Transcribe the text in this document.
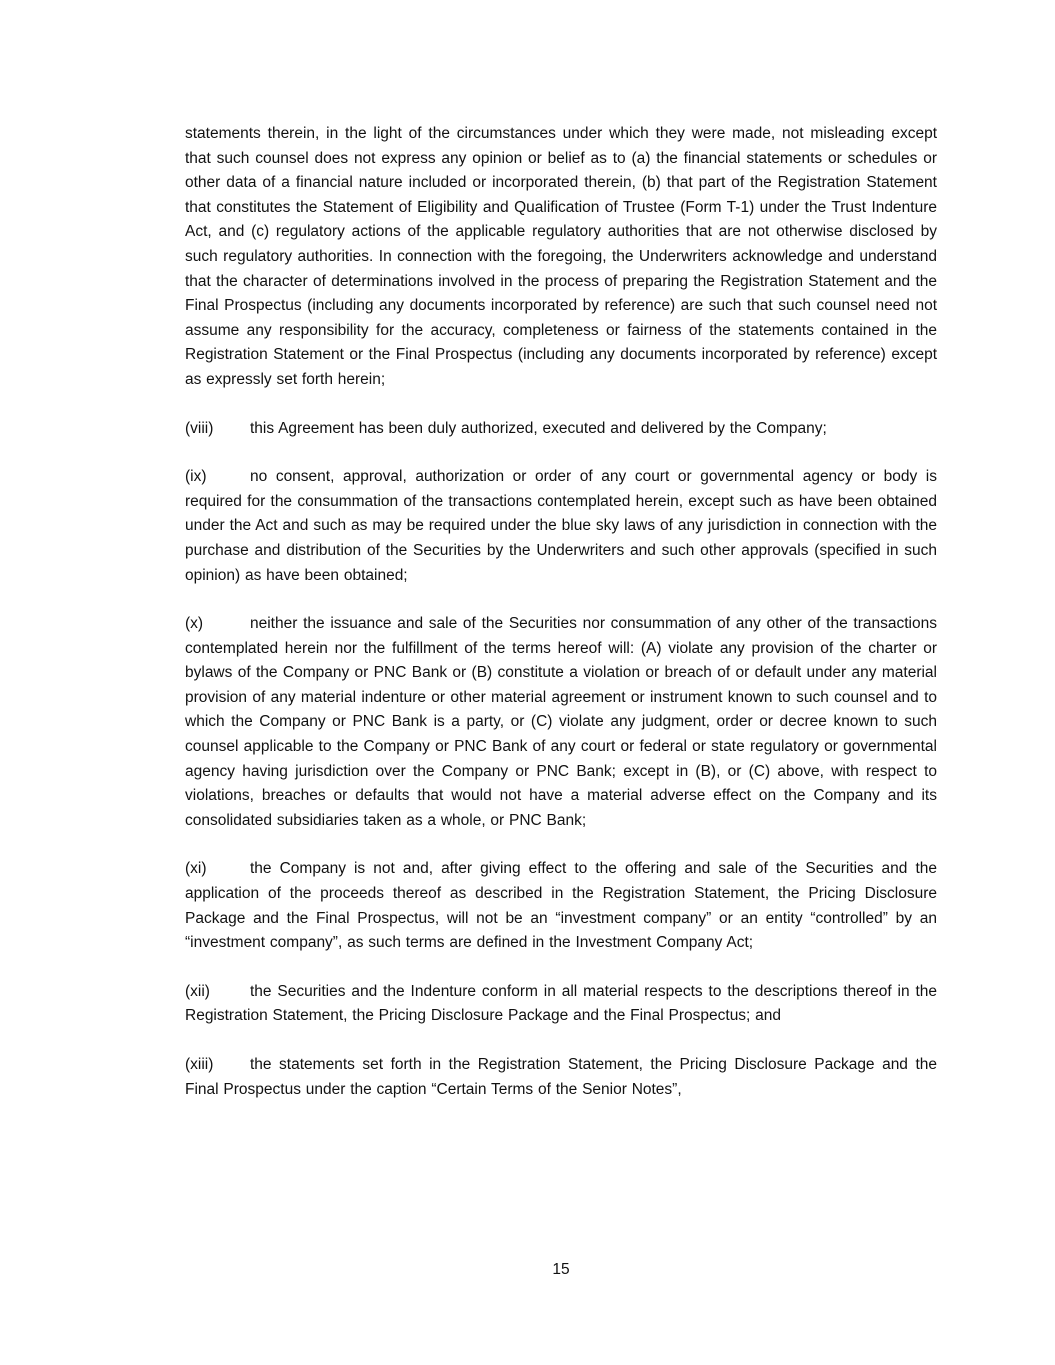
statements therein, in the light of the circumstances under which they were made, not misleading except that such counsel does not express any opinion or belief as to (a) the financial statements or schedules or other data of a financial nature included or incorporated therein, (b) that part of the Registration Statement that constitutes the Statement of Eligibility and Qualification of Trustee (Form T-1) under the Trust Indenture Act, and (c) regulatory actions of the applicable regulatory authorities that are not otherwise disclosed by such regulatory authorities. In connection with the foregoing, the Underwriters acknowledge and understand that the character of determinations involved in the process of preparing the Registration Statement and the Final Prospectus (including any documents incorporated by reference) are such that such counsel need not assume any responsibility for the accuracy, completeness or fairness of the statements contained in the Registration Statement or the Final Prospectus (including any documents incorporated by reference) except as expressly set forth herein;

(viii) this Agreement has been duly authorized, executed and delivered by the Company;

(ix)	no consent, approval, authorization or order of any court or governmental agency or body is required for the consummation of the transactions contemplated herein, except such as have been obtained under the Act and such as may be required under the blue sky laws of any jurisdiction in connection with the purchase and distribution of the Securities by the Underwriters and such other approvals (specified in such opinion) as have been obtained;

(x)	neither the issuance and sale of the Securities nor consummation of any other of the transactions contemplated herein nor the fulfillment of the terms hereof will: (A) violate any provision of the charter or bylaws of the Company or PNC Bank or (B) constitute a violation or breach of or default under any material provision of any material indenture or other material agreement or instrument known to such counsel and to which the Company or PNC Bank is a party, or (C) violate any judgment, order or decree known to such counsel applicable to the Company or PNC Bank of any court or federal or state regulatory or governmental agency having jurisdiction over the Company or PNC Bank; except in (B), or (C) above, with respect to violations, breaches or defaults that would not have a material adverse effect on the Company and its consolidated subsidiaries taken as a whole, or PNC Bank;

(xi)	the Company is not and, after giving effect to the offering and sale of the Securities and the application of the proceeds thereof as described in the Registration Statement, the Pricing Disclosure Package and the Final Prospectus, will not be an “investment company” or an entity “controlled” by an “investment company”, as such terms are defined in the Investment Company Act;

(xii)	the Securities and the Indenture conform in all material respects to the descriptions thereof in the Registration Statement, the Pricing Disclosure Package and the Final Prospectus; and

(xiii) the statements set forth in the Registration Statement, the Pricing Disclosure Package and the Final Prospectus under the caption “Certain Terms of the Senior Notes”,

15
